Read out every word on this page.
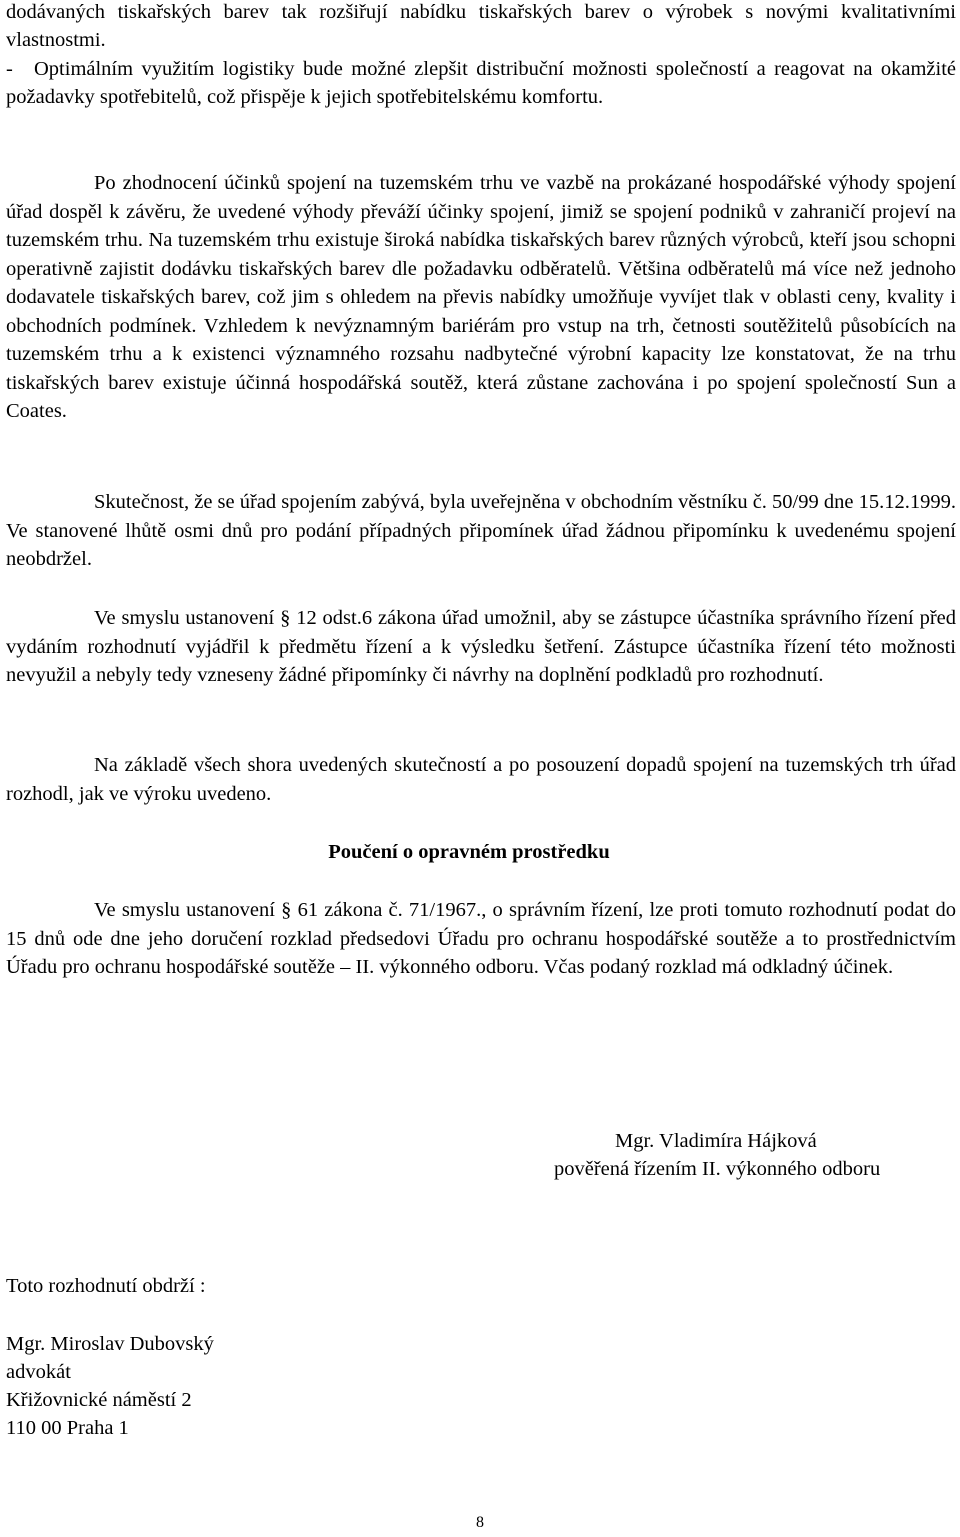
dodávaných tiskařských barev tak rozšiřují nabídku tiskařských barev o výrobek s novými kvalitativními vlastnostmi.

-	Optimálním využitím logistiky bude možné zlepšit distribuční možnosti společností a reagovat na okamžité požadavky spotřebitelů, což přispěje k jejich spotřebitelskému komfortu.

Po zhodnocení účinků spojení na tuzemském trhu ve vazbě na prokázané hospodářské výhody spojení úřad dospěl k závěru, že uvedené výhody převáží účinky spojení, jimiž se spojení podniků v zahraničí projeví na tuzemském trhu. Na tuzemském trhu existuje široká nabídka tiskařských barev různých výrobců, kteří jsou schopni operativně zajistit dodávku tiskařských barev dle požadavku odběratelů. Většina odběratelů má více než jednoho dodavatele tiskařských barev, což jim s ohledem na převis nabídky umožňuje vyvíjet tlak v oblasti ceny, kvality i obchodních podmínek. Vzhledem k nevýznamným bariérám pro vstup na trh, četnosti soutěžitelů působících na tuzemském trhu a k existenci významného rozsahu nadbytečné výrobní kapacity lze konstatovat, že na trhu tiskařských barev existuje účinná hospodářská soutěž, která zůstane zachována i po spojení společností Sun a Coates.

Skutečnost, že se úřad spojením zabývá, byla uveřejněna v obchodním věstníku č. 50/99 dne 15.12.1999. Ve stanovené lhůtě osmi dnů pro podání případných připomínek úřad žádnou připomínku k uvedenému spojení neobdržel.

Ve smyslu ustanovení § 12 odst.6 zákona úřad umožnil, aby se zástupce účastníka správního řízení před vydáním rozhodnutí vyjádřil k předmětu řízení a k výsledku šetření. Zástupce účastníka řízení této možnosti nevyužil a nebyly tedy vzneseny žádné připomínky či návrhy na doplnění podkladů pro rozhodnutí.

Na základě všech shora uvedených skutečností a po posouzení dopadů spojení na tuzemských trh úřad rozhodl, jak ve výroku uvedeno.

Poučení o opravném prostředku

Ve smyslu ustanovení § 61 zákona č. 71/1967., o správním řízení, lze proti tomuto rozhodnutí podat do 15 dnů ode dne jeho doručení rozklad předsedovi Úřadu pro ochranu hospodářské soutěže a to prostřednictvím Úřadu pro ochranu hospodářské soutěže – II. výkonného odboru. Včas podaný rozklad má odkladný účinek.

Mgr. Vladimíra Hájková
pověřená řízením II. výkonného odboru
Toto rozhodnutí obdrží :
Mgr. Miroslav Dubovský
advokát
Křižovnické náměstí 2
110 00 Praha 1
8
